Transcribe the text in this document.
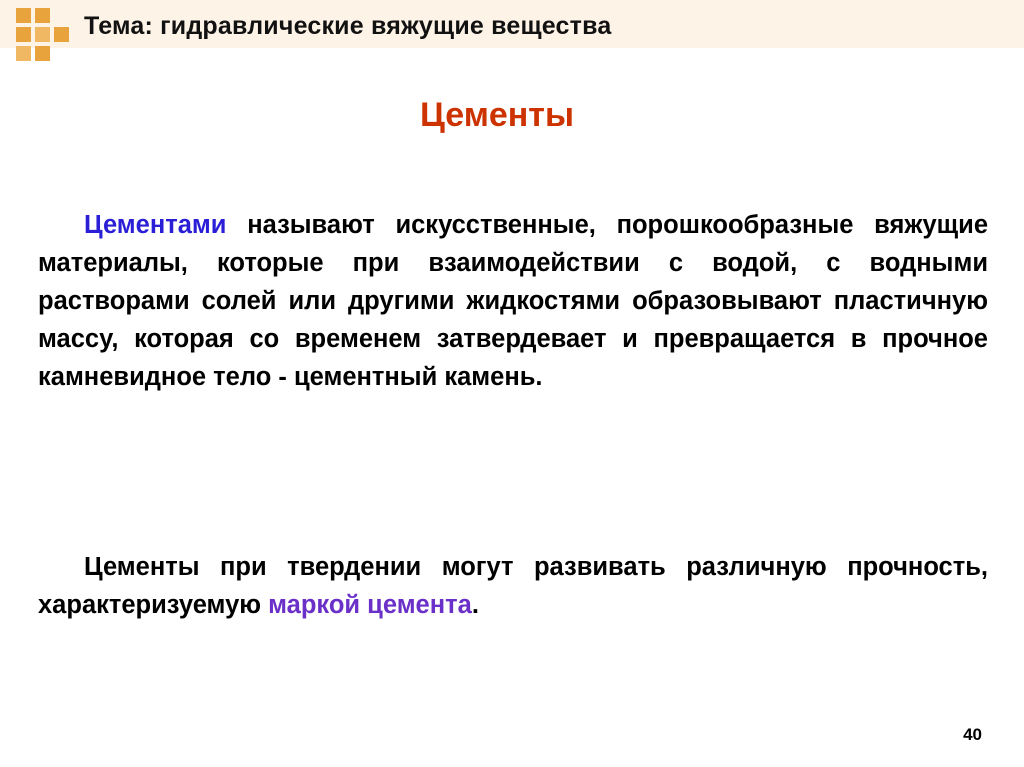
Тема: гидравлические вяжущие вещества
Цементы

Цементами называют искусственные, порошкообразные вяжущие материалы, которые при взаимодействии с водой, с водными растворами солей или другими жидкостями образовывают пластичную массу, которая со временем затвердевает и превращается в прочное камневидное тело - цементный камень.

Цементы при твердении могут развивать различную прочность, характеризуемую маркой цемента.

40
